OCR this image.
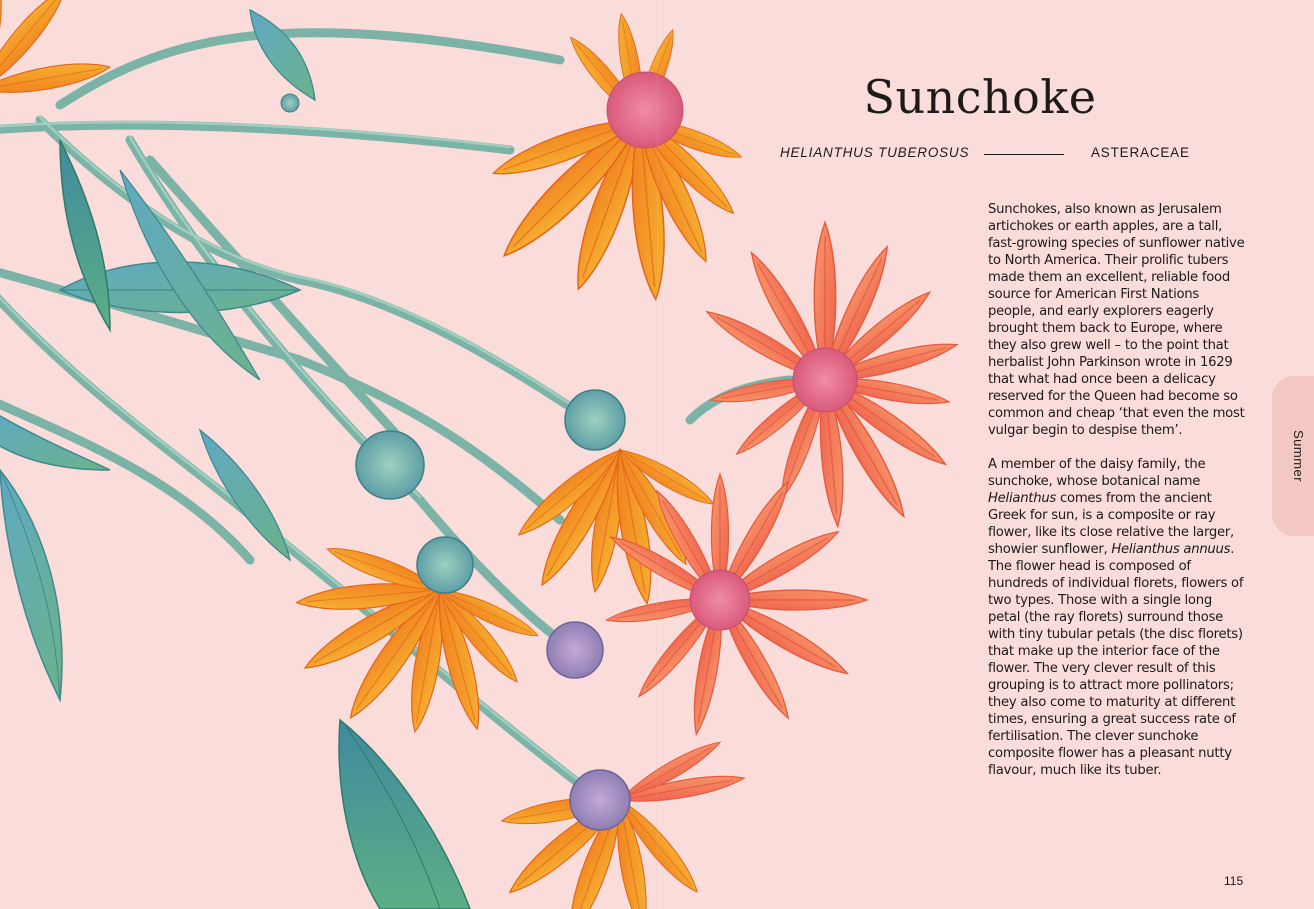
Sunchoke
HELIANTHUS TUBEROSUS	ASTERACEAE

Sunchokes, also known as Jerusalem artichokes or earth apples, are a tall, fast-growing species of sunflower native to North America. Their prolific tubers made them an excellent, reliable food source for American First Nations people, and early explorers eagerly brought them back to Europe, where they also grew well – to the point that herbalist John Parkinson wrote in 1629 that what had once been a delicacy reserved for the Queen had become so common and cheap ‘that even the most vulgar begin to despise them’.

A member of the daisy family, the sunchoke, whose botanical name Helianthus comes from the ancient Greek for sun, is a composite or ray flower, like its close relative the larger, showier sunflower, Helianthus annuus. The flower head is composed of hundreds of individual florets, flowers of two types. Those with a single long petal (the ray florets) surround those with tiny tubular petals (the disc florets) that make up the interior face of the flower. The very clever result of this grouping is to attract more pollinators; they also come to maturity at different times, ensuring a great success rate of fertilisation. The clever sunchoke composite flower has a pleasant nutty flavour, much like its tuber.

Summer
115
